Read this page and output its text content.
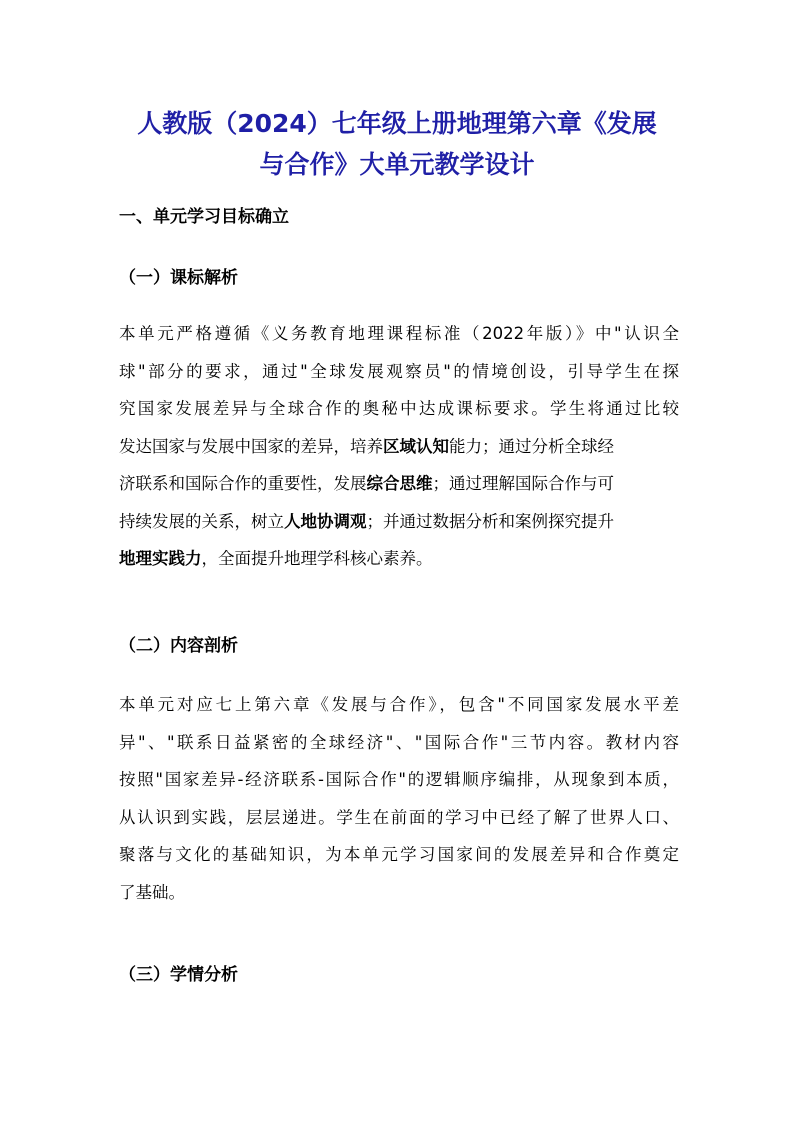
人教版（2024）七年级上册地理第六章《发展
与合作》大单元教学设计
一、单元学习目标确立
（一）课标解析
本单元严格遵循《义务教育地理课程标准（2022年版）》中"认识全
球"部分的要求，通过"全球发展观察员"的情境创设，引导学生在探
究国家发展差异与全球合作的奥秘中达成课标要求。学生将通过比较
发达国家与发展中国家的差异，培养区域认知能力；通过分析全球经
济联系和国际合作的重要性，发展综合思维；通过理解国际合作与可
持续发展的关系，树立人地协调观；并通过数据分析和案例探究提升
地理实践力，全面提升地理学科核心素养。
（二）内容剖析
本单元对应七上第六章《发展与合作》，包含"不同国家发展水平差
异"、"联系日益紧密的全球经济"、"国际合作"三节内容。教材内容
按照"国家差异-经济联系-国际合作"的逻辑顺序编排，从现象到本质，
从认识到实践，层层递进。学生在前面的学习中已经了解了世界人口、
聚落与文化的基础知识，为本单元学习国家间的发展差异和合作奠定
了基础。
（三）学情分析
